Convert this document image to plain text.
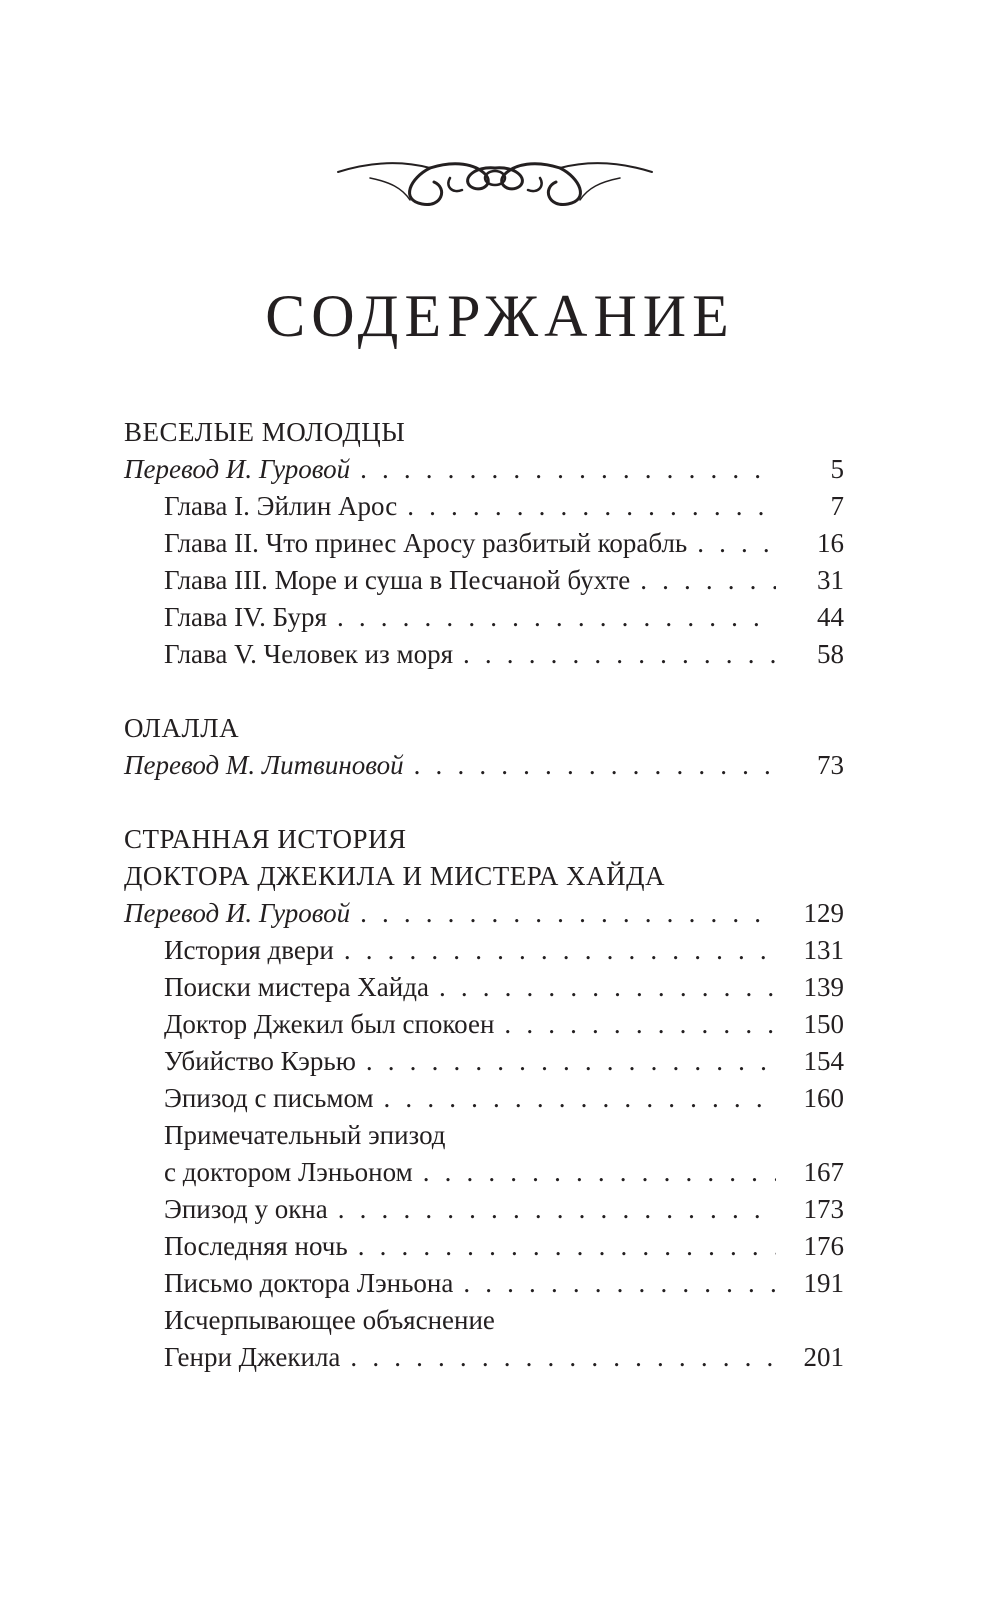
СОДЕРЖАНИЕ
ВЕСЕЛЫЕ МОЛОДЦЫ
Перевод И. Гуровой . . .	5
Глава I. Эйлин Арос . . .	7
Глава II. Что принес Аросу разбитый корабль . . .	16
Глава III. Море и суша в Песчаной бухте . . .	31
Глава IV. Буря . . .	44
Глава V. Человек из моря . . .	58
ОЛАЛЛА
Перевод М. Литвиновой . . .	73
СТРАННАЯ ИСТОРИЯ
ДОКТОРА ДЖЕКИЛА И МИСТЕРА ХАЙДА
Перевод И. Гуровой . . .	129
История двери . . .	131
Поиски мистера Хайда . . .	139
Доктор Джекил был спокоен . . .	150
Убийство Кэрью . . .	154
Эпизод с письмом . . .	160
Примечательный эпизод
с доктором Лэньоном . . .	167
Эпизод у окна . . .	173
Последняя ночь . . .	176
Письмо доктора Лэньона . . .	191
Исчерпывающее объяснение
Генри Джекила . . .	201
